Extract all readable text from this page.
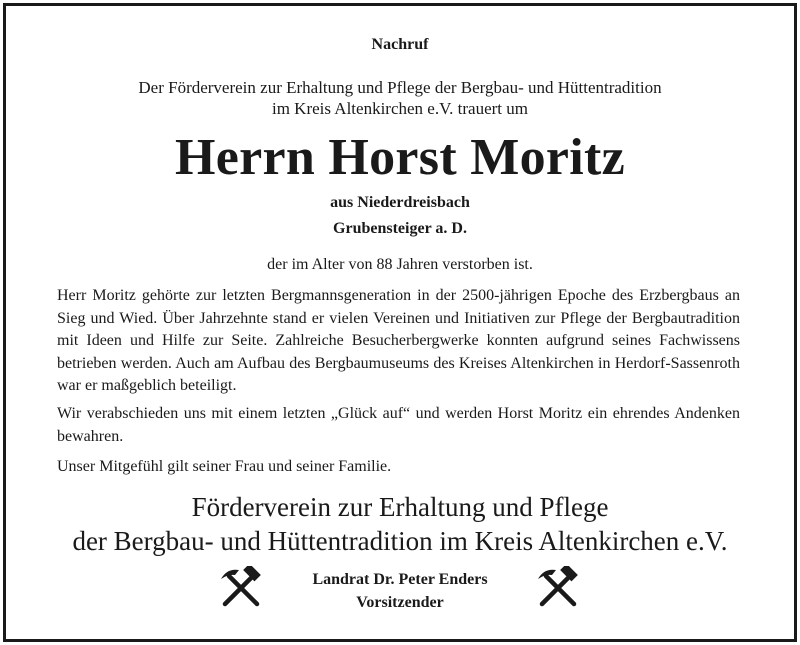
Nachruf
Der Förderverein zur Erhaltung und Pflege der Bergbau- und Hüttentradition
im Kreis Altenkirchen e.V. trauert um
Herrn Horst Moritz
aus Niederdreisbach
Grubensteiger a. D.
der im Alter von 88 Jahren verstorben ist.
Herr Moritz gehörte zur letzten Bergmannsgeneration in der 2500-jährigen Epoche des Erzbergbaus an Sieg und Wied. Über Jahrzehnte stand er vielen Vereinen und Initiativen zur Pflege der Bergbautradition mit Ideen und Hilfe zur Seite. Zahlreiche Besucherbergwerke konnten aufgrund seines Fachwissens betrieben werden. Auch am Aufbau des Bergbaumuseums des Kreises Altenkirchen in Herdorf-Sassenroth war er maßgeblich beteiligt.
Wir verabschieden uns mit einem letzten „Glück auf“ und werden Horst Moritz ein ehrendes Andenken bewahren.
Unser Mitgefühl gilt seiner Frau und seiner Familie.
Förderverein zur Erhaltung und Pflege
der Bergbau- und Hüttentradition im Kreis Altenkirchen e.V.
Landrat Dr. Peter Enders
Vorsitzender
